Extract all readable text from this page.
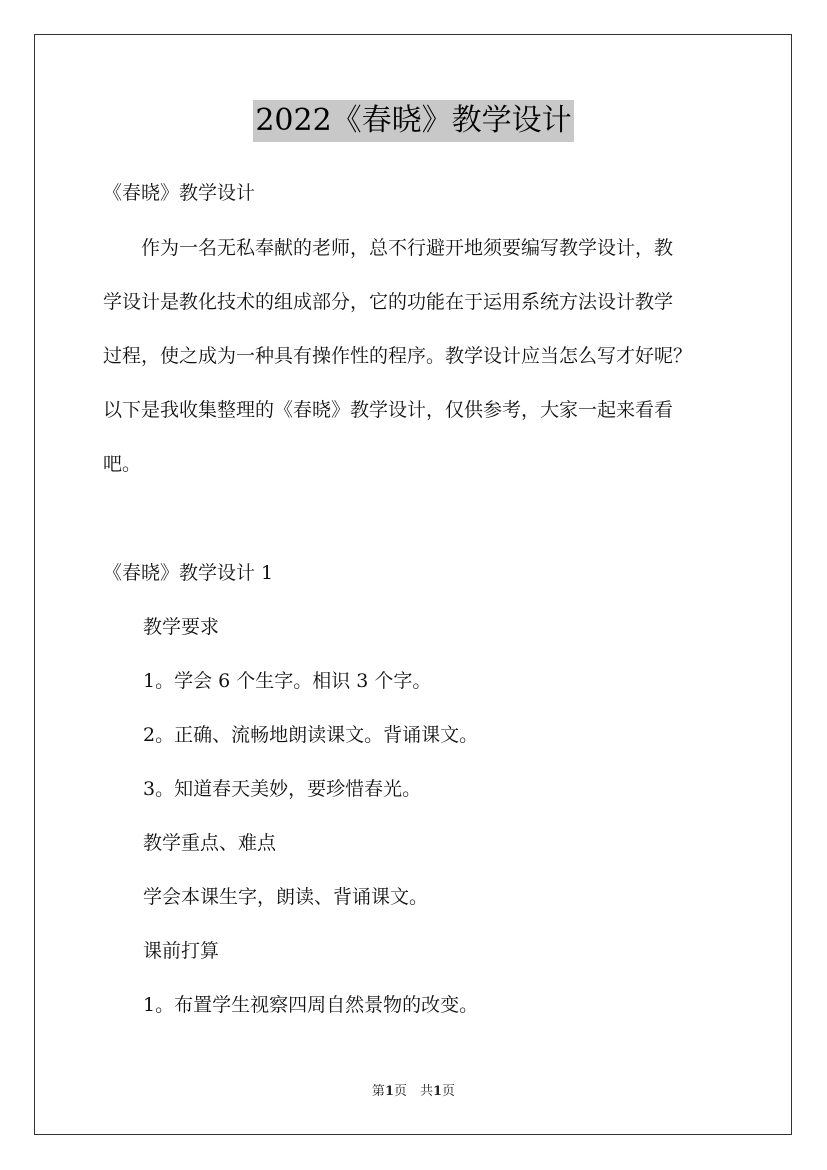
2022《春晓》教学设计
《春晓》教学设计
　　作为一名无私奉献的老师，总不行避开地须要编写教学设计，教
学设计是教化技术的组成部分，它的功能在于运用系统方法设计教学
过程，使之成为一种具有操作性的程序。教学设计应当怎么写才好呢？
以下是我收集整理的《春晓》教学设计，仅供参考，大家一起来看看
吧。
《春晓》教学设计 1
教学要求
1。学会 6 个生字。相识 3 个字。
2。正确、流畅地朗读课文。背诵课文。
3。知道春天美妙，要珍惜春光。
教学重点、难点
学会本课生字，朗读、背诵课文。
课前打算
1。布置学生视察四周自然景物的改变。
第1页　共1页
